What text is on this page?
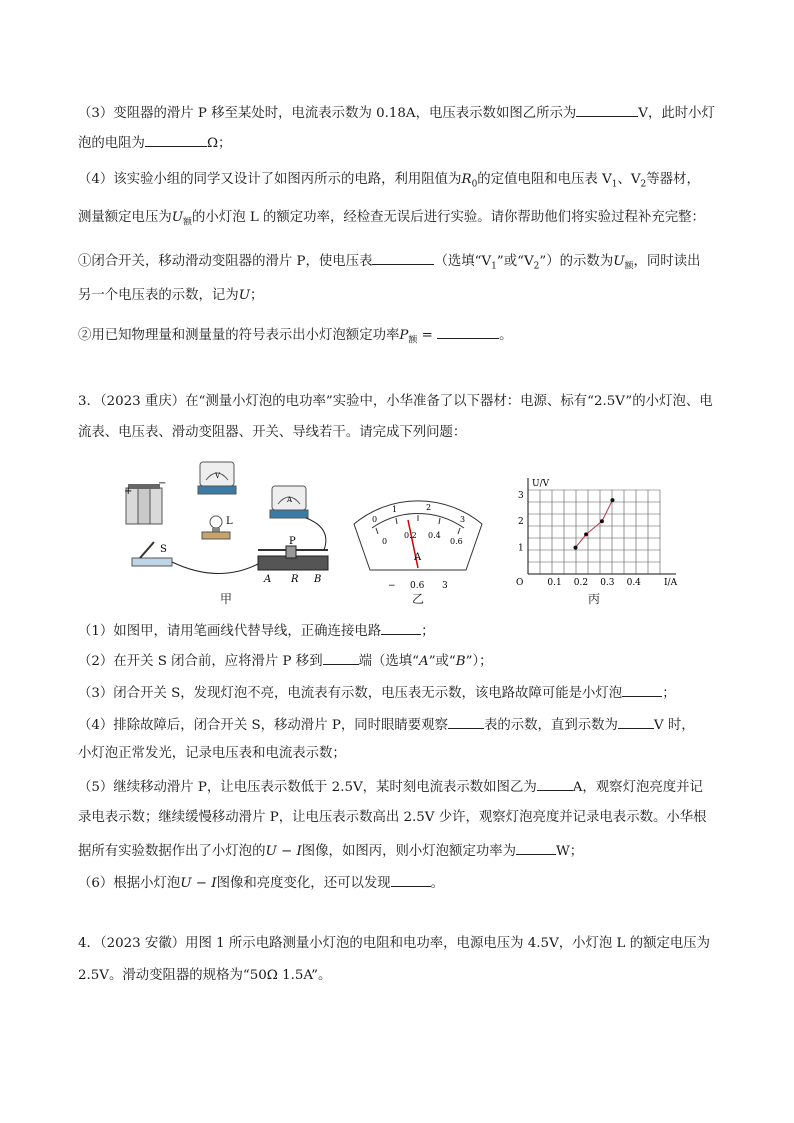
（3）变阻器的滑片 P 移至某处时，电流表示数为 0.18A，电压表示数如图乙所示为	V，此时小灯
泡的电阻为	Ω；
（4）该实验小组的同学又设计了如图丙所示的电路，利用阻值为$R_0$的定值电阻和电压表 $V_1$、$V_2$等器材，
测量额定电压为$U_额$的小灯泡 L 的额定功率，经检查无误后进行实验。请你帮助他们将实验过程补充完整：
①闭合开关，移动滑动变阻器的滑片 P，使电压表	（选填“$V_1$”或“$V_2$”）的示数为$U_额$，同时读出
另一个电压表的示数，记为U；
②用已知物理量和测量量的符号表示出小灯泡额定功率$P_额$ =	。
3．（2023 重庆）在“测量小灯泡的电功率”实验中，小华准备了以下器材：电源、标有“2.5V”的小灯泡、电
流表、电压表、滑动变阻器、开关、导线若干。请完成下列问题：
+
−
V
L
A
S
P
A R B
甲
0
1	2
3
0
0.2 0.4
0.6
A
− 0.6 3
乙
O	0.1 0.2 0.3 0.4
1
2
3
I/A
U/V
丙
（1）如图甲，请用笔画线代替导线，正确连接电路	；
（2）在开关 S 闭合前，应将滑片 P 移到	端（选填“A”或“B”）；
（3）闭合开关 S，发现灯泡不亮，电流表有示数，电压表无示数，该电路故障可能是小灯泡	；
（4）排除故障后，闭合开关 S，移动滑片 P，同时眼睛要观察	表的示数，直到示数为	V 时，
小灯泡正常发光，记录电压表和电流表示数；
（5）继续移动滑片 P，让电压表示数低于 2.5V，某时刻电流表示数如图乙为	A，观察灯泡亮度并记
录电表示数；继续缓慢移动滑片 P，让电压表示数高出 2.5V 少许，观察灯泡亮度并记录电表示数。小华根
据所有实验数据作出了小灯泡的U − I图像，如图丙，则小灯泡额定功率为	W；
（6）根据小灯泡U − I图像和亮度变化，还可以发现	。
4．（2023 安徽）用图 1 所示电路测量小灯泡的电阻和电功率，电源电压为 4.5V，小灯泡 L 的额定电压为
2.5V。滑动变阻器的规格为“50Ω 1.5A”。
